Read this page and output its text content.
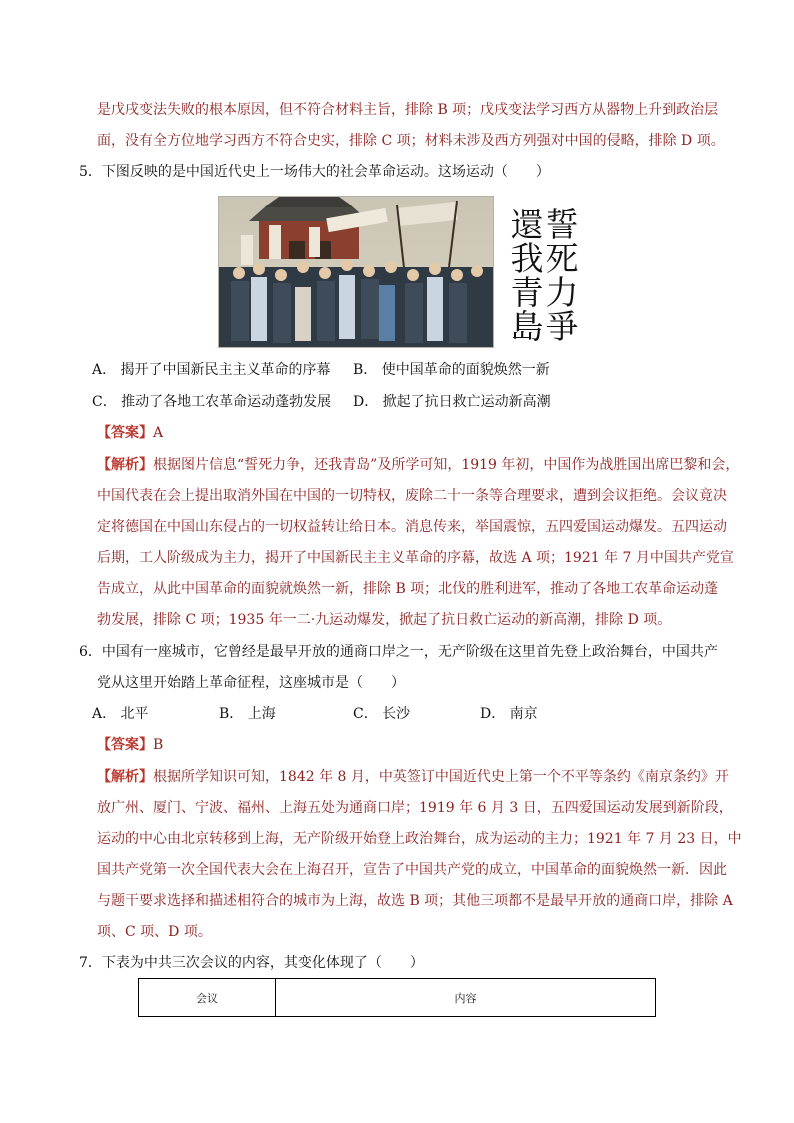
是戊戌变法失败的根本原因，但不符合材料主旨，排除 B 项；戊戌变法学习西方从器物上升到政治层
面，没有全方位地学习西方不符合史实，排除 C 项；材料未涉及西方列强对中国的侵略，排除 D 项。
5．下图反映的是中国近代史上一场伟大的社会革命运动。这场运动（　　）
誓死力爭
還我青島
A． 揭开了中国新民主主义革命的序幕 B． 使中国革命的面貌焕然一新
C． 推动了各地工农革命运动蓬勃发展 D． 掀起了抗日救亡运动新高潮
【答案】A
【解析】根据图片信息“誓死力争，还我青岛”及所学可知，1919 年初，中国作为战胜国出席巴黎和会，
中国代表在会上提出取消外国在中国的一切特权，废除二十一条等合理要求，遭到会议拒绝。会议竟决
定将德国在中国山东侵占的一切权益转让给日本。消息传来，举国震惊，五四爱国运动爆发。五四运动
后期，工人阶级成为主力，揭开了中国新民主主义革命的序幕，故选 A 项；1921 年 7 月中国共产党宣
告成立，从此中国革命的面貌就焕然一新，排除 B 项；北伐的胜利进军，推动了各地工农革命运动蓬
勃发展，排除 C 项；1935 年一二·九运动爆发，掀起了抗日救亡运动的新高潮，排除 D 项。
6．中国有一座城市，它曾经是最早开放的通商口岸之一，无产阶级在这里首先登上政治舞台，中国共产
党从这里开始踏上革命征程，这座城市是（　　）
A． 北平	B． 上海	C． 长沙	D． 南京
【答案】B
【解析】根据所学知识可知，1842 年 8 月，中英签订中国近代史上第一个不平等条约《南京条约》开
放广州、厦门、宁波、福州、上海五处为通商口岸；1919 年 6 月 3 日，五四爱国运动发展到新阶段，
运动的中心由北京转移到上海，无产阶级开始登上政治舞台，成为运动的主力；1921 年 7 月 23 日，中
国共产党第一次全国代表大会在上海召开，宣告了中国共产党的成立，中国革命的面貌焕然一新．因此
与题干要求选择和描述相符合的城市为上海，故选 B 项；其他三项都不是最早开放的通商口岸，排除 A
项、C 项、D 项。
7．下表为中共三次会议的内容，其变化体现了（　　）
会议	内容
